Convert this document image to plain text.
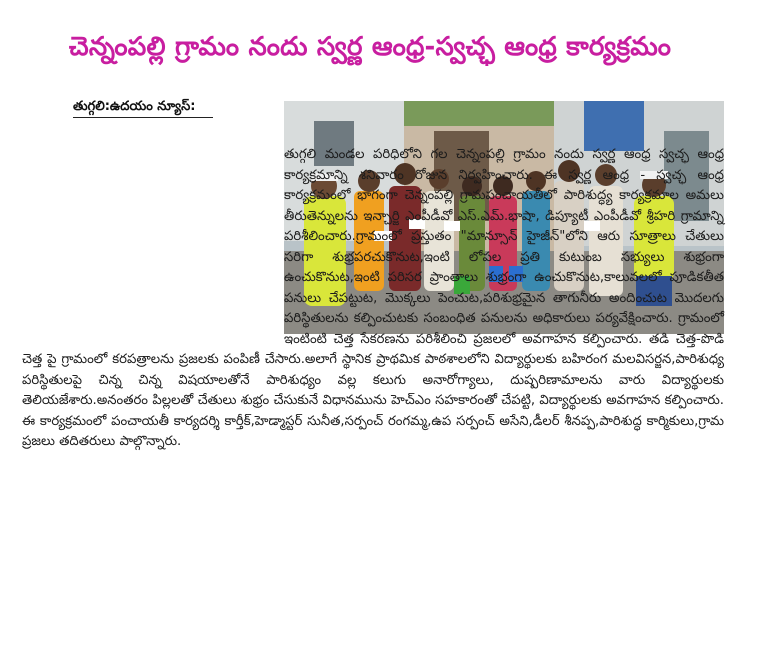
చెన్నంపల్లి గ్రామం నందు స్వర్ణ ఆంధ్ర-స్వచ్ఛ ఆంధ్ర కార్యక్రమం
తుగ్గలి:ఉదయం న్యూస్:
తుగ్గలి మండల పరిధిలోని గల చెన్నంపల్లి గ్రామం నందు స్వర్ణ ఆంధ్ర స్వచ్ఛ ఆంధ్ర కార్యక్రమాన్ని శనివారం రోజున నిర్వహించారు. ఈ స్వర్ణ ఆంధ్ర - స్వచ్ఛ ఆంధ్ర కార్యక్రమంలో భాగంగా చెన్నంపల్లి గ్రామపంచాయతీలో పారిశుద్ధ్య కార్యక్రమాల అమలు తీరుతెన్నులను ఇన్చార్జి ఎంపీడీవో ఎస్.ఎమ్.భాషా, డిప్యూటీ ఎంపీడీవో శ్రీహరి గ్రామాన్ని పరిశీలించారు.గ్రామంలో ప్రస్తుతం "మాన్సూన్ హైజీన్"లోని ఆరు సూత్రాలు చేతులు సరిగా శుభ్రపరచుకొనుట,ఇంటి లోపల ప్రతి కుటుంబ సభ్యులు శుభ్రంగా ఉంచుకొనుట,ఇంటి పరిసర ప్రాంతాలు శుభ్రంగా ఉంచుకొనుట,కాలువలలో పూడికతీత పనులు చేపట్టుట, మొక్కలు పెంచుట,పరిశుభ్రమైన తాగునీరు అందించుట మొదలగు పరిస్థితులను కల్పించుటకు సంబంధిత పనులను అధికారులు పర్యవేక్షించారు. గ్రామంలో ఇంటింటి చెత్త సేకరణను పరిశీలించి ప్రజలలో అవగాహన కల్పించారు. తడి చెత్త-పొడి చెత్త పై గ్రామంలో కరపత్రాలను ప్రజలకు పంపిణీ చేసారు.అలాగే స్థానిక ప్రాథమిక పాఠశాలలోని విద్యార్థులకు బహిరంగ మలవిసర్జన,పారిశుధ్య పరిస్థితులపై చిన్న చిన్న విషయాలతోనే పారిశుధ్యం వల్ల కలుగు అనారోగ్యాలు, దుష్పరిణామాలను వారు విద్యార్థులకు తెలియజేశారు.అనంతరం పిల్లలతో చేతులు శుభ్రం చేసుకునే విధానమును హెచ్ఎం సహకారంతో చేపట్టి, విద్యార్థులకు అవగాహన కల్పించారు. ఈ కార్యక్రమంలో పంచాయతీ కార్యదర్శి కార్తీక్,హెడ్మాస్టర్ సునీత,సర్పంచ్ రంగమ్మ,ఉప సర్పంచ్ అసేని,డీలర్ శీనప్ప,పారిశుద్ధ కార్మికులు,గ్రామ ప్రజలు తదితరులు పాల్గొన్నారు.
